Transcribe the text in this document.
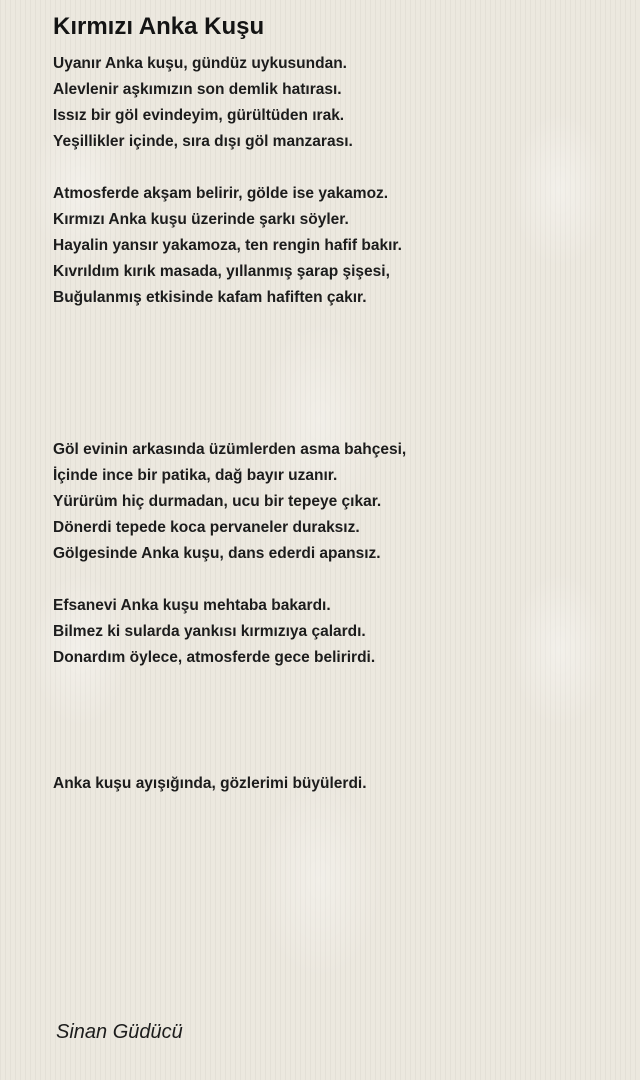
Kırmızı Anka Kuşu
Uyanır Anka kuşu, gündüz uykusundan.
Alevlenir aşkımızın son demlik hatırası.
Issız bir göl evindeyim, gürültüden ırak.
Yeşillikler içinde, sıra dışı göl manzarası.
Atmosferde akşam belirir, gölde ise yakamoz.
Kırmızı Anka kuşu üzerinde şarkı söyler.
Hayalin yansır yakamoza, ten rengin hafif bakır.
Kıvrıldım kırık masada, yıllanmış şarap şişesi,
Buğulanmış etkisinde kafam hafiften çakır.
Göl evinin arkasında üzümlerden asma bahçesi,
İçinde ince bir patika, dağ bayır uzanır.
Yürürüm hiç durmadan, ucu bir tepeye çıkar.
Dönerdi tepede koca pervaneler duraksız.
Gölgesinde Anka kuşu, dans ederdi apansız.
Efsanevi Anka kuşu mehtaba bakardı.
Bilmez ki sularda yankısı kırmızıya çalardı.
Donardım öylece, atmosferde gece belirirdi.
Anka kuşu ayışığında, gözlerimi büyülerdi.
Sinan Güdücü
